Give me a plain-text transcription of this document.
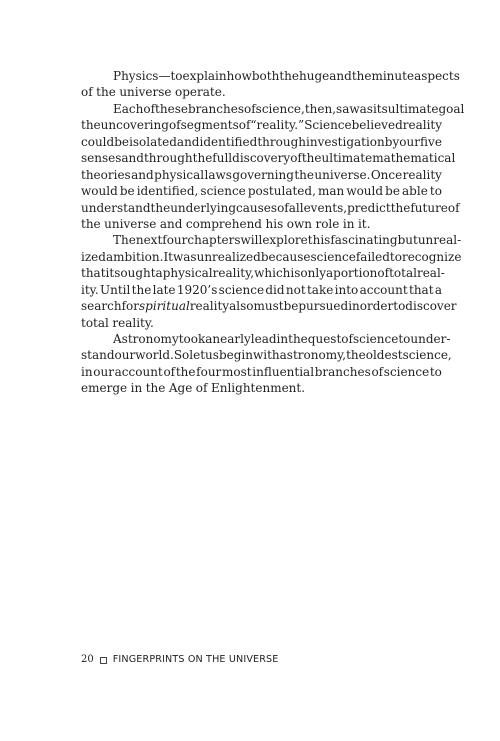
Physics — to explain how both the huge and the minute aspects
of the universe operate.
Each of these branches of science, then, saw as its ultimate goal
the uncovering of segments of “reality.” Science believed reality
could be isolated and identified through investigation by our five
senses and through the full discovery of the ultimate mathematical
theories and physical laws governing the universe. Once reality
would be identified, science postulated, man would be able to
understand the underlying causes of all events, predict the future of
the universe and comprehend his own role in it.
The next four chapters will explore this fascinating but unreal-
ized ambition. It was unrealized because science failed to recognize
that it sought a physical reality, which is only a portion of total real-
ity. Until the late 1920’s science did not take into account that a
search for spiritual reality also must be pursued in order to discover
total reality.
Astronomy took an early lead in the quest of science to under-
stand our world. So let us begin with astronomy, the oldest science,
in our account of the four most influential branches of science to
emerge in the Age of Enlightenment.
20 FINGERPRINTS ON THE UNIVERSE
